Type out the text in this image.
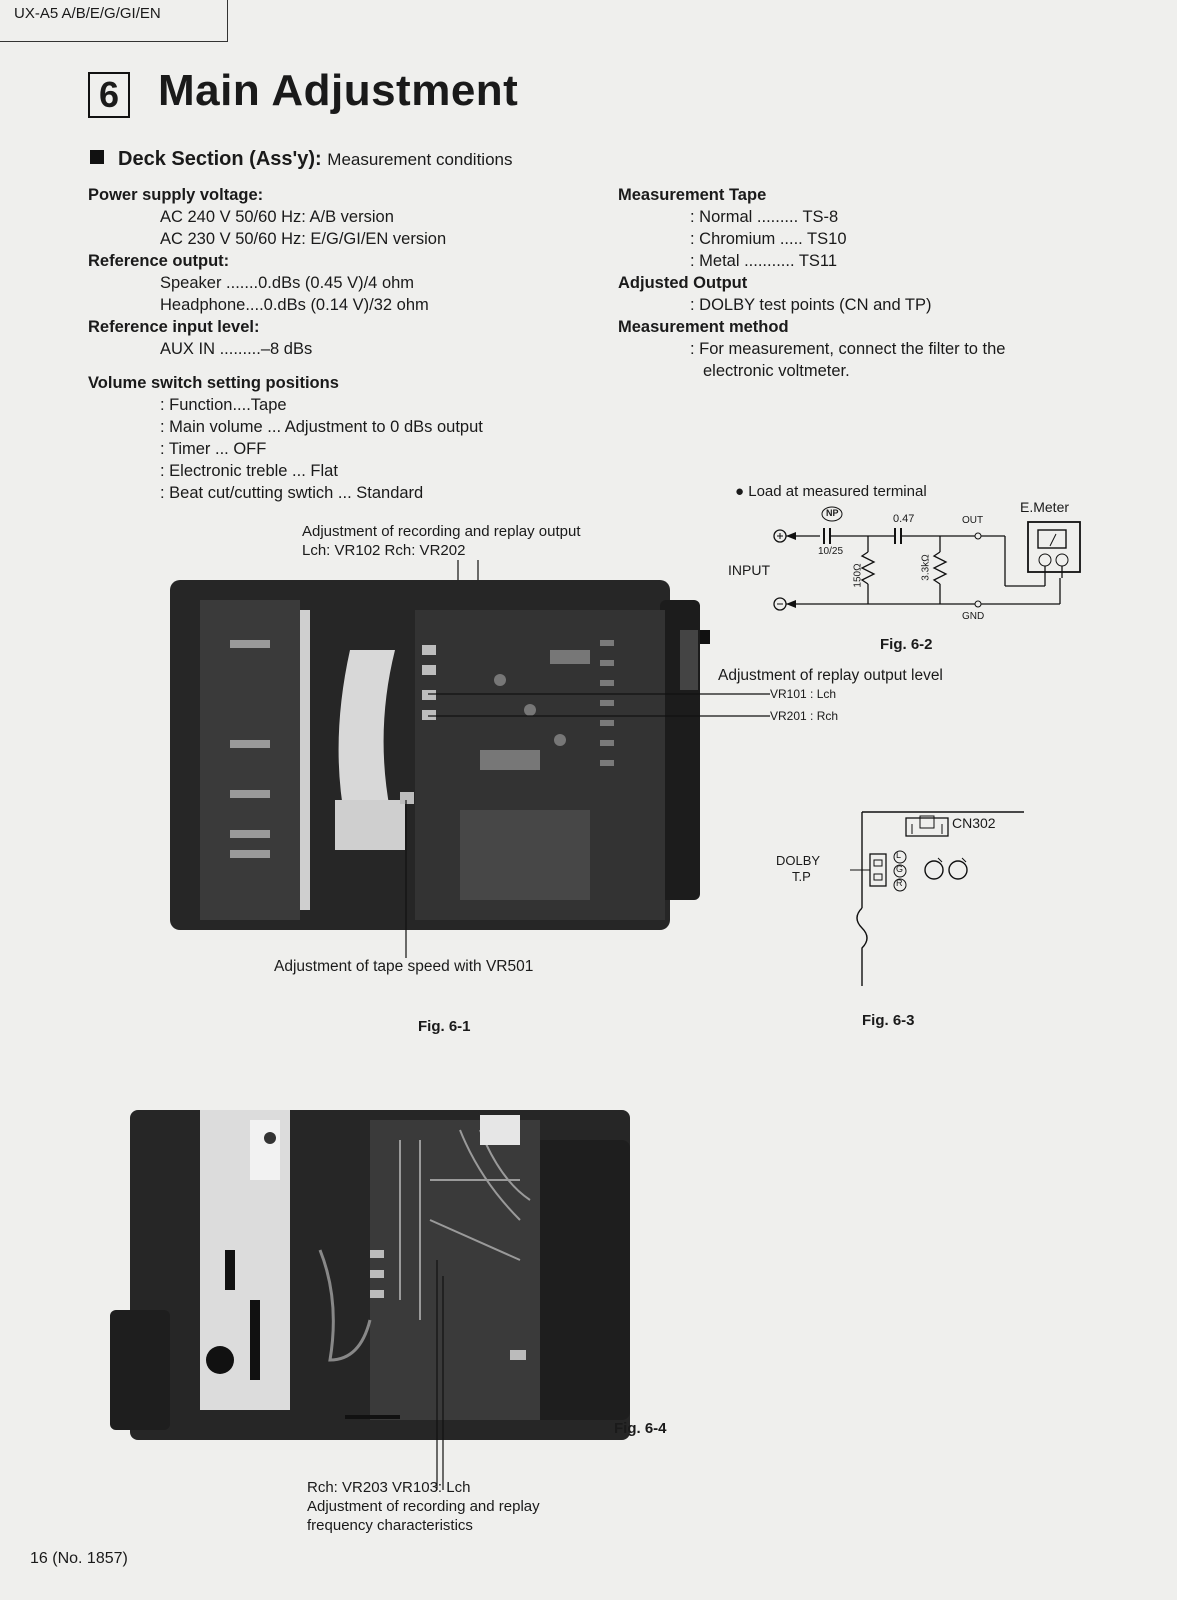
UX-A5 A/B/E/G/GI/EN
6 Main Adjustment
Deck Section (Ass'y): Measurement conditions
Power supply voltage:
AC 240 V 50/60 Hz: A/B version
AC 230 V 50/60 Hz: E/G/GI/EN version
Reference output:
Speaker .......0.dBs (0.45 V)/4 ohm
Headphone....0.dBs (0.14 V)/32 ohm
Reference input level:
AUX IN .........–8 dBs
Volume switch setting positions
: Function....Tape
: Main volume ... Adjustment to 0 dBs output
: Timer ... OFF
: Electronic treble ... Flat
: Beat cut/cutting swtich ... Standard
Measurement Tape
: Normal ......... TS-8
: Chromium ..... TS10
: Metal ........... TS11
Adjusted Output
: DOLBY test points (CN and TP)
Measurement method
: For measurement, connect the filter to the
electronic voltmeter.
Adjustment of recording and replay output
Lch: VR102 Rch: VR202
Adjustment of tape speed with VR501
Fig. 6-1
● Load at measured terminal
E.Meter
NP	0.47
10/25
OUT
INPUT	150Ω	3.3kΩ
GND
Fig. 6-2
Adjustment of replay output level
VR101 : Lch
VR201 : Rch
CN302
DOLBY
T.P
L
G
R
Fig. 6-3
Fig. 6-4
Rch: VR203 VR103: Lch
Adjustment of recording and replay
frequency characteristics
16 (No. 1857)
